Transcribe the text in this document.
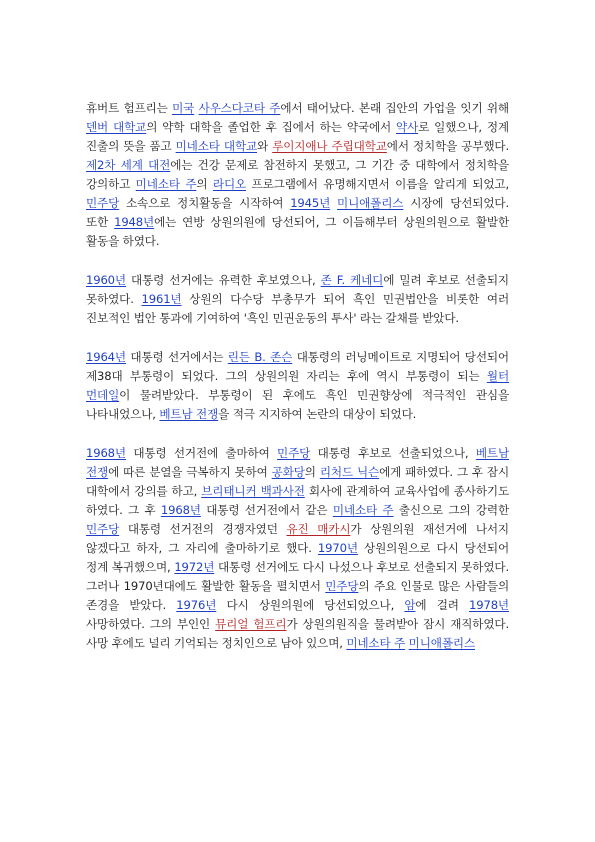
휴버트 험프리는 미국 사우스다코타 주에서 태어났다. 본래 집안의 가업을 잇기 위해 덴버 대학교의 약학 대학을 졸업한 후 집에서 하는 약국에서 약사로 일했으나, 정계 진출의 뜻을 품고 미네소타 대학교와 루이지애나 주립대학교에서 정치학을 공부했다. 제2차 세계 대전에는 건강 문제로 참전하지 못했고, 그 기간 중 대학에서 정치학을 강의하고 미네소타 주의 라디오 프로그램에서 유명해지면서 이름을 알리게 되었고, 민주당 소속으로 정치활동을 시작하여 1945년 미니애폴리스 시장에 당선되었다. 또한 1948년에는 연방 상원의원에 당선되어, 그 이듬해부터 상원의원으로 활발한 활동을 하였다.

1960년 대통령 선거에는 유력한 후보였으나, 존 F. 케네디에 밀려 후보로 선출되지 못하였다. 1961년 상원의 다수당 부총무가 되어 흑인 민권법안을 비롯한 여러 진보적인 법안 통과에 기여하여 '흑인 민권운동의 투사' 라는 갈채를 받았다.

1964년 대통령 선거에서는 린든 B. 존슨 대통령의 러닝메이트로 지명되어 당선되어 제38대 부통령이 되었다. 그의 상원의원 자리는 후에 역시 부통령이 되는 월터 먼데일이 물려받았다. 부통령이 된 후에도 흑인 민권향상에 적극적인 관심을 나타내었으나, 베트남 전쟁을 적극 지지하여 논란의 대상이 되었다.

1968년 대통령 선거전에 출마하여 민주당 대통령 후보로 선출되었으나, 베트남 전쟁에 따른 분열을 극복하지 못하여 공화당의 리처드 닉슨에게 패하였다. 그 후 잠시 대학에서 강의를 하고, 브리태니커 백과사전 회사에 관계하여 교육사업에 종사하기도 하였다. 그 후 1968년 대통령 선거전에서 같은 미네소타 주 출신으로 그의 강력한 민주당 대통령 선거전의 경쟁자였던 유진 매카시가 상원의원 재선거에 나서지 않겠다고 하자, 그 자리에 출마하기로 했다. 1970년 상원의원으로 다시 당선되어 정계 복귀했으며, 1972년 대통령 선거에도 다시 나섰으나 후보로 선출되지 못하였다. 그러나 1970년대에도 활발한 활동을 펼치면서 민주당의 주요 인물로 많은 사람들의 존경을 받았다. 1976년 다시 상원의원에 당선되었으나, 암에 걸려 1978년 사망하였다. 그의 부인인 뮤리얼 험프리가 상원의원직을 물려받아 잠시 재직하였다. 사망 후에도 널리 기억되는 정치인으로 남아 있으며, 미네소타 주 미니애폴리스
